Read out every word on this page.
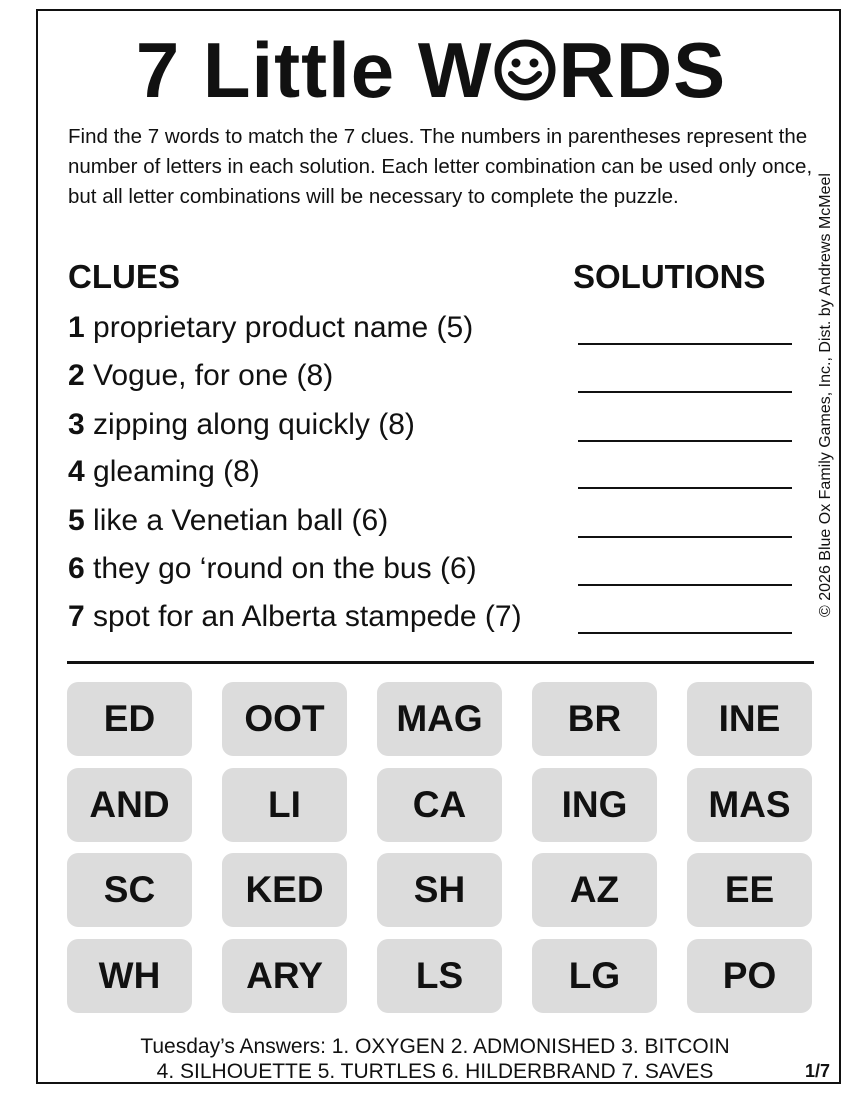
7 Little W RDS
Find the 7 words to match the 7 clues. The numbers in parentheses represent the number of letters in each solution. Each letter combination can be used only once, but all letter combinations will be necessary to complete the puzzle.	© 2026 Blue Ox Family Games, Inc., Dist. by Andrews McMeel
CLUES	SOLUTIONS
1 proprietary product name (5)
2 Vogue, for one (8)
3 zipping along quickly (8)
4 gleaming (8)
5 like a Venetian ball (6)
6 they go ‘round on the bus (6)
7 spot for an Alberta stampede (7)
ED	OOT	MAG	BR	INE
AND	LI	CA	ING	MAS
SC	KED	SH	AZ	EE
WH	ARY	LS	LG	PO
Tuesday’s Answers: 1. OXYGEN 2. ADMONISHED 3. BITCOIN
4. SILHOUETTE 5. TURTLES 6. HILDERBRAND 7. SAVES	1/7
